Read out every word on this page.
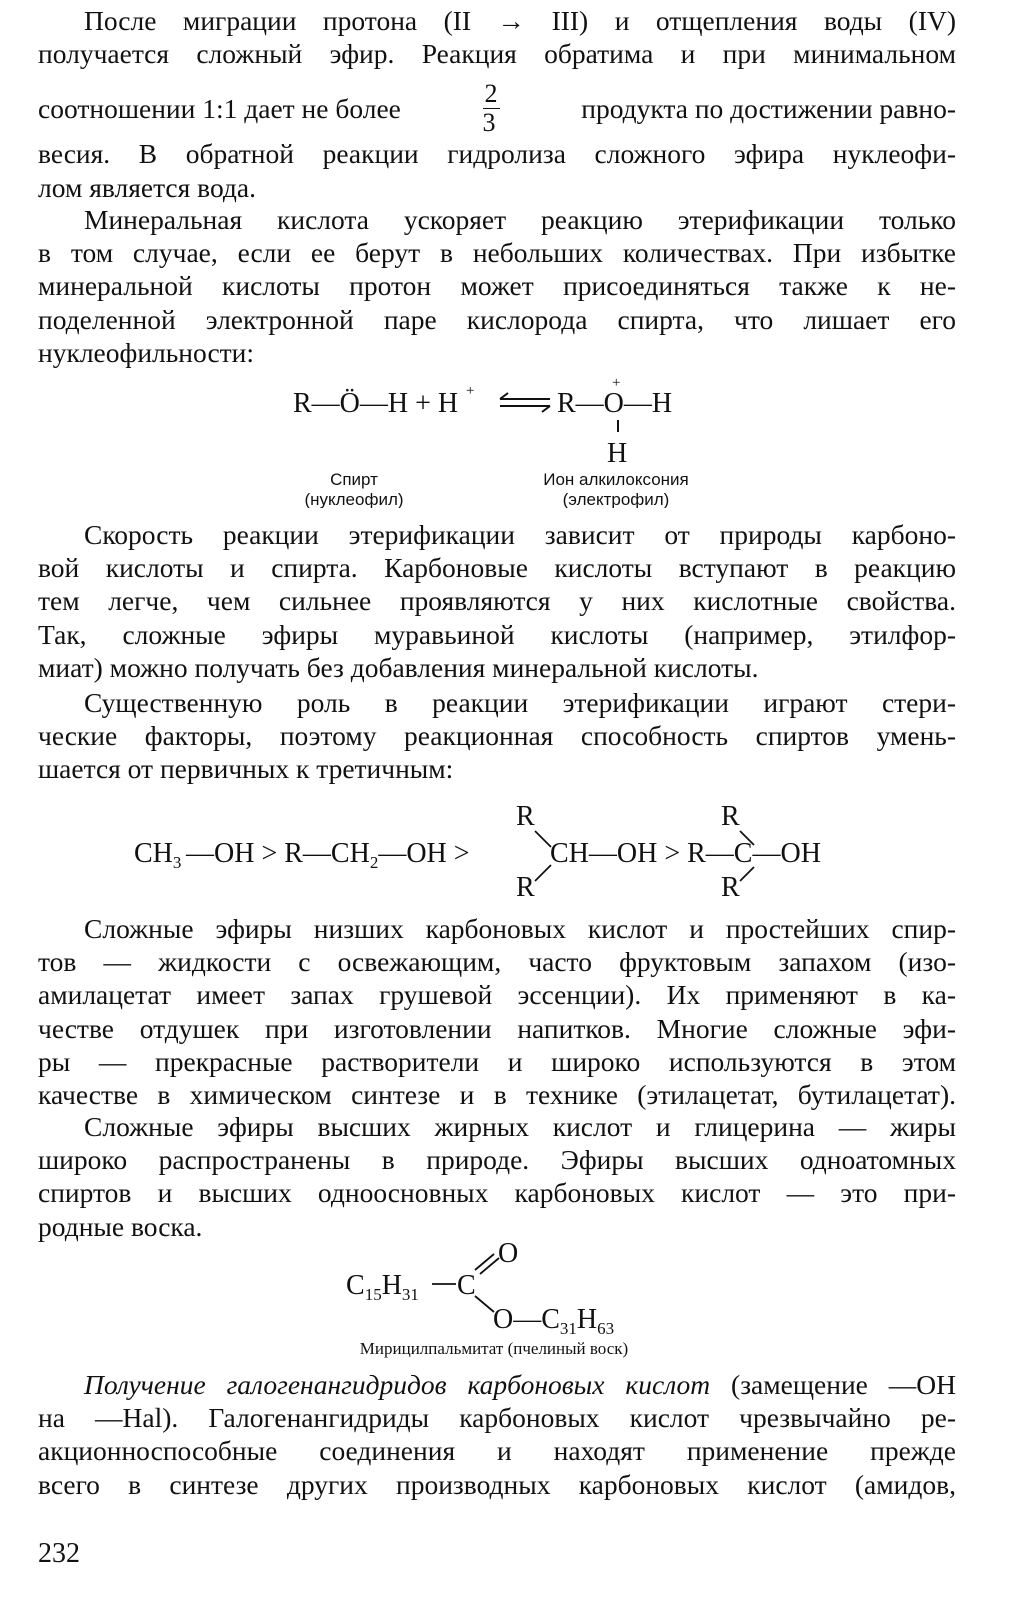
После миграции протона (II → III) и отщепления воды (IV)
получается сложный эфир. Реакция обратима и при минимальном
соотношении 1:1 дает не более	$\frac{2}{3}$	продукта по достижении равно-
весия. В обратной реакции гидролиза сложного эфира нуклеофи-
лом является вода.
Минеральная кислота ускоряет реакцию этерификации только
в том случае, если ее берут в небольших количествах. При избытке
минеральной кислоты протон может присоединяться также к не-
поделенной электронной паре кислорода спирта, что лишает его
нуклеофильности:
R—Ö—H + H +	R—O—H
+
H
Спирт
(нуклеофил)
Ион алкилоксония
(электрофил)
Скорость реакции этерификации зависит от природы карбоно-
вой кислоты и спирта. Карбоновые кислоты вступают в реакцию
тем легче, чем сильнее проявляются у них кислотные свойства.
Так, сложные эфиры муравьиной кислоты (например, этилфор-
миат) можно получать без добавления минеральной кислоты.
Существенную роль в реакции этерификации играют стери-
ческие факторы, поэтому реакционная способность спиртов умень-
шается от первичных к третичным:
$CH_3$ —OH > $R—CH_2—OH$ >
R
R
CH—OH > R—C—OH
R
R
Сложные эфиры низших карбоновых кислот и простейших спир-
тов — жидкости с освежающим, часто фруктовым запахом (изо-
амилацетат имеет запах грушевой эссенции). Их применяют в ка-
честве отдушек при изготовлении напитков. Многие сложные эфи-
ры — прекрасные растворители и широко используются в этом
качестве в химическом синтезе и в технике (этилацетат, бутилацетат).
Сложные эфиры высших жирных кислот и глицерина — жиры
широко распространены в природе. Эфиры высших одноатомных
спиртов и высших одноосновных карбоновых кислот — это при-
родные воска.
$C_{15}H_{31}$ C
O
$O—C_{31}H_{63}$
Мирицилпальмитат (пчелиный воск)
Получение галогенангидридов карбоновых кислот (замещение —OH
на —Hal). Галогенангидриды карбоновых кислот чрезвычайно ре-
акционноспособные соединения и находят применение прежде
всего в синтезе других производных карбоновых кислот (амидов,
232
